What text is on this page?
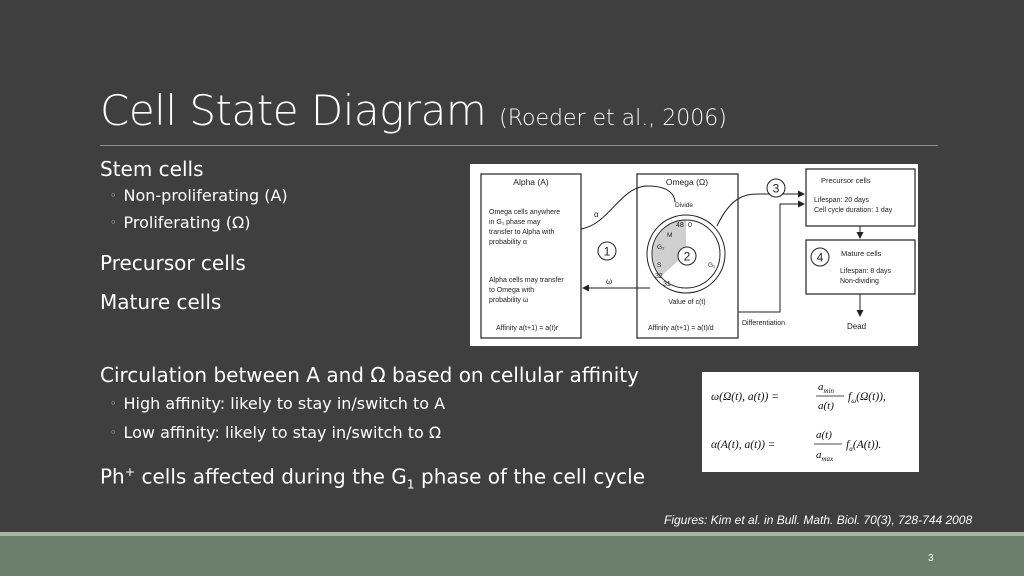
Cell State Diagram (Roeder et al., 2006)
Stem cells
◦ Non-proliferating (A)
◦ Proliferating (Ω)
Precursor cells
Mature cells
Circulation between A and Ω based on cellular affinity
◦ High affinity: likely to stay in/switch to A
◦ Low affinity: likely to stay in/switch to Ω
Ph+ cells affected during the $G_1$ phase of the cell cycle
Alpha (A)
Omega cells anywhere
in G₁ phase may
transfer to Alpha with
probability α
Alpha cells may transfer
to Omega with
probability ω
Affinity a(t+1) = a(t)r
α
ω
Omega (Ω)
Divide
48 0
M
G₂
S
32
31
G₁
2
1
Value of c(t)
Affinity a(t+1) = a(t)/d
3
Precursor cells
Lifespan: 20 days
Cell cycle duration: 1 day
Differentiation
4 Mature cells
Lifespan: 8 days
Non-dividing
Dead
ω(Ω(t), a(t)) =
$a_{min}$
a(t)
$f_\omega(\Omega(t))$,
α(A(t), a(t)) =
a(t)
$a_{max}$
$f_\alpha(A(t))$.
Figures: Kim et al. in Bull. Math. Biol. 70(3), 728-744 2008
3
